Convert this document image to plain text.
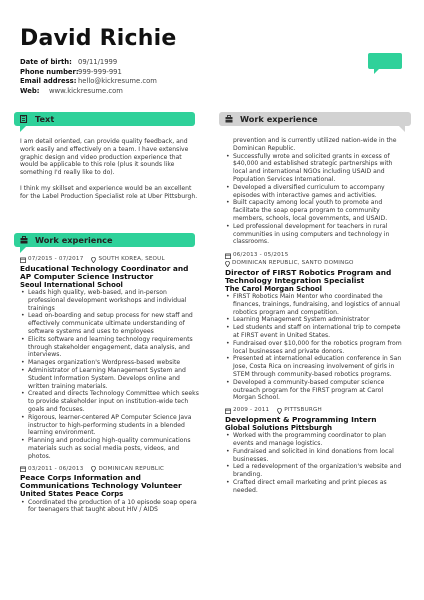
David Richie
Date of birth: 09/11/1999
Phone number: 999-999-991
Email address: hello@kickresume.com
Web:	www.kickresume.com
Text	Work experience

I am detail oriented, can provide quality feedback, and work easily and effectively on a team. I have extensive graphic design and video production experience that would be applicable to this role (plus it sounds like something I'd really like to do).

I think my skillset and experience would be an excellent for the Label Production Specialist role at Uber Pittsburgh.

Work experience
07/2015 - 07/2017	SOUTH KOREA, SEOUL
Educational Technology Coordinator and AP Computer Science Instructor
Seoul International School
• Leads high quality, web-based, and in-person professional development workshops and individual trainings
• Lead on-boarding and setup process for new staff and effectively communicate ultimate understanding of software systems and uses to employees
• Elicits software and learning technology requirements through stakeholder engagement, data analysis, and interviews.
• Manages organization's Wordpress-based website
• Administrator of Learning Management System and Student Information System. Develops online and written training materials.
• Created and directs Technology Committee which seeks to provide stakeholder input on institution-wide tech goals and focuses.
• Rigorous, learner-centered AP Computer Science Java instructor to high-performing students in a blended learning environment.
• Planning and producing high-quality communications materials such as social media posts, videos, and photos.
03/2011 - 06/2013	DOMINICAN REPUBLIC
Peace Corps Information and Communications Technology Volunteer
United States Peace Corps
• Coordinated the production of a 10 episode soap opera for teenagers that taught about HIV / AIDS
prevention and is currently utilized nation-wide in the Dominican Republic.
• Successfully wrote and solicited grants in excess of $40,000 and established strategic partnerships with local and international NGOs including USAID and Population Services International.
• Developed a diversified curriculum to accompany episodes with interactive games and activities.
• Built capacity among local youth to promote and facilitate the soap opera program to community members, schools, local governments, and USAID.
• Led professional development for teachers in rural communities in using computers and technology in classrooms.
06/2013 - 05/2015
DOMINICAN REPUBLIC, SANTO DOMINGO
Director of FIRST Robotics Program and Technology Integration Specialist
The Carol Morgan School
• FIRST Robotics Main Mentor who coordinated the finances, trainings, fundraising, and logistics of annual robotics program and competition.
• Learning Management System administrator
• Led students and staff on international trip to compete at FIRST event in United States.
• Fundraised over $10,000 for the robotics program from local businesses and private donors.
• Presented at international education conference in San Jose, Costa Rica on increasing involvement of girls in STEM through community-based robotics programs.
• Developed a community-based computer science outreach program for the FIRST program at Carol Morgan School.
2009 - 2011	PITTSBURGH
Development & Programming Intern
Global Solutions Pittsburgh
• Worked with the programming coordinator to plan events and manage logistics.
• Fundraised and solicited in kind donations from local businesses.
• Led a redevelopment of the organization's website and branding.
• Crafted direct email marketing and print pieces as needed.
